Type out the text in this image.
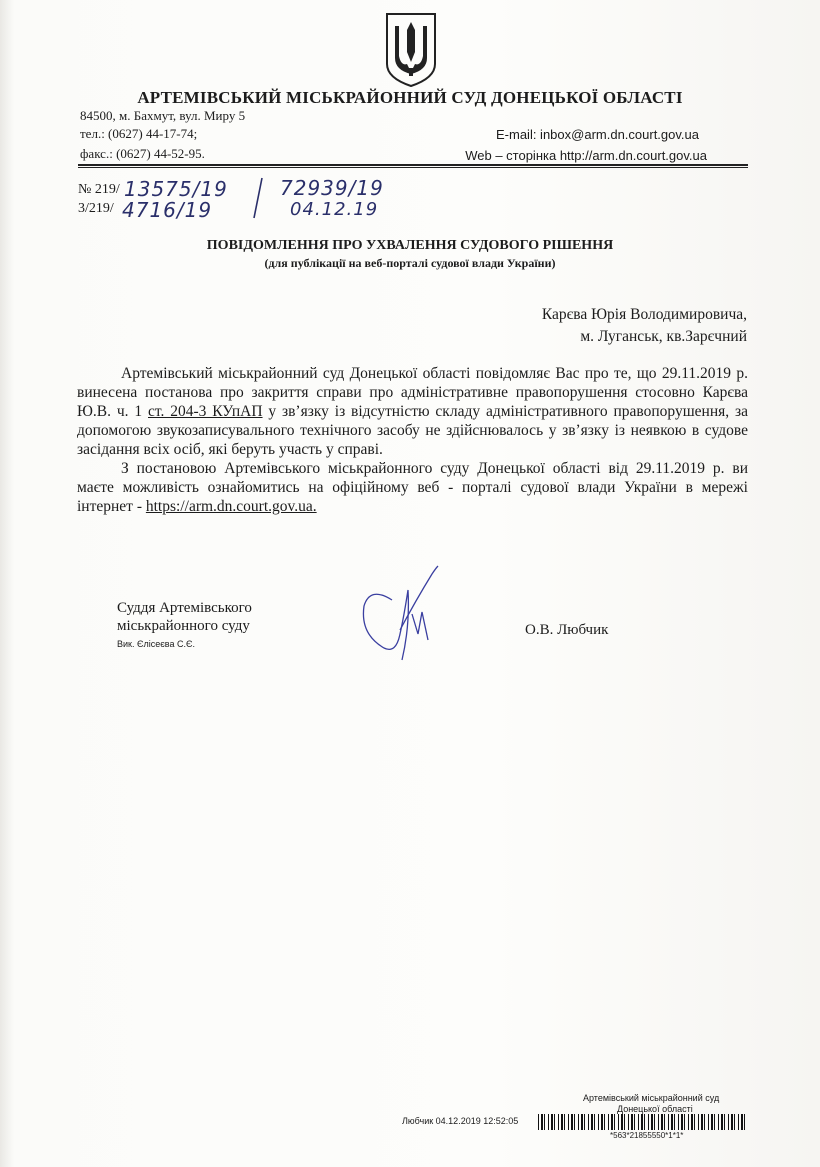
АРТЕМІВСЬКИЙ МІСЬКРАЙОННИЙ СУД ДОНЕЦЬКОЇ ОБЛАСТІ
84500, м. Бахмут, вул. Миру 5
тел.: (0627) 44-17-74;
факс.: (0627) 44-52-95.
E-mail: inbox@arm.dn.court.gov.ua
Web – сторінка http://arm.dn.court.gov.ua
№ 219/ 13575/19
3/219/ 4716/19
72939/19
04.12.19
ПОВІДОМЛЕННЯ ПРО УХВАЛЕННЯ СУДОВОГО РІШЕННЯ
(для публікації на веб-порталі судової влади України)
Карєва Юрія Володимировича,
м. Луганськ, кв.Зарєчний

Артемівський міськрайонний суд Донецької області повідомляє Вас про те, що 29.11.2019 р. винесена постанова про закриття справи про адміністративне правопорушення стосовно Карєва Ю.В. ч. 1 ст. 204-3 КУпАП у зв’язку із відсутністю складу адміністративного правопорушення, за допомогою звукозаписувального технічного засобу не здійснювалось у зв’язку із неявкою в судове засідання всіх осіб, які беруть участь у справі.

З постановою Артемівського міськрайонного суду Донецької області від 29.11.2019 р. ви маєте можливість ознайомитись на офіційному веб - порталі судової влади України в мережі інтернет - https://arm.dn.court.gov.ua.

Суддя Артемівського
міськрайонного суду
Вик. Єлісеєва С.Є.
О.В. Любчик
Артемівський міськрайонний суд
Донецької області
Любчик 04.12.2019 12:52:05
*563*21855550*1*1*
